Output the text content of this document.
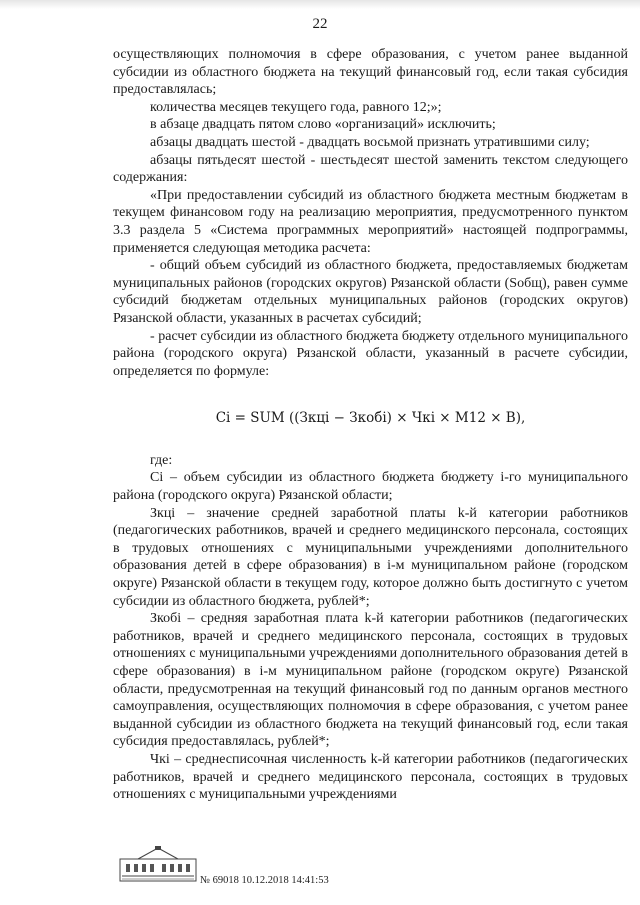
22

осуществляющих полномочия в сфере образования, с учетом ранее выданной субсидии из областного бюджета на текущий финансовый год, если такая субсидия предоставлялась;

количества месяцев текущего года, равного 12;»;

в абзаце двадцать пятом слово «организаций» исключить;

абзацы двадцать шестой - двадцать восьмой признать утратившими силу;

абзацы пятьдесят шестой - шестьдесят шестой заменить текстом следующего содержания:

«При предоставлении субсидий из областного бюджета местным бюджетам в текущем финансовом году на реализацию мероприятия, предусмотренного пунктом 3.3 раздела 5 «Система программных мероприятий» настоящей подпрограммы, применяется следующая методика расчета:

- общий объем субсидий из областного бюджета, предоставляемых бюджетам муниципальных районов (городских округов) Рязанской области (Sобщ), равен сумме субсидий бюджетам отдельных муниципальных районов (городских округов) Рязанской области, указанных в расчетах субсидий;

- расчет субсидии из областного бюджета бюджету отдельного муниципального района (городского округа) Рязанской области, указанный в расчете субсидии, определяется по формуле:

Ci = SUM ((Зкцi − Зкобi) × Чкi × M12 × B),

где:

Ci – объем субсидии из областного бюджета бюджету i-го муниципального района (городского округа) Рязанской области;

Зкцi – значение средней заработной платы k-й категории работников (педагогических работников, врачей и среднего медицинского персонала, состоящих в трудовых отношениях с муниципальными учреждениями дополнительного образования детей в сфере образования) в i-м муниципальном районе (городском округе) Рязанской области в текущем году, которое должно быть достигнуто с учетом субсидии из областного бюджета, рублей*;

Зкобi – средняя заработная плата k-й категории работников (педагогических работников, врачей и среднего медицинского персонала, состоящих в трудовых отношениях с муниципальными учреждениями дополнительного образования детей в сфере образования) в i-м муниципальном районе (городском округе) Рязанской области, предусмотренная на текущий финансовый год по данным органов местного самоуправления, осуществляющих полномочия в сфере образования, с учетом ранее выданной субсидии из областного бюджета на текущий финансовый год, если такая субсидия предоставлялась, рублей*;

Чкi – среднесписочная численность k-й категории работников (педагогических работников, врачей и среднего медицинского персонала, состоящих в трудовых отношениях с муниципальными учреждениями

№ 69018 10.12.2018 14:41:53
